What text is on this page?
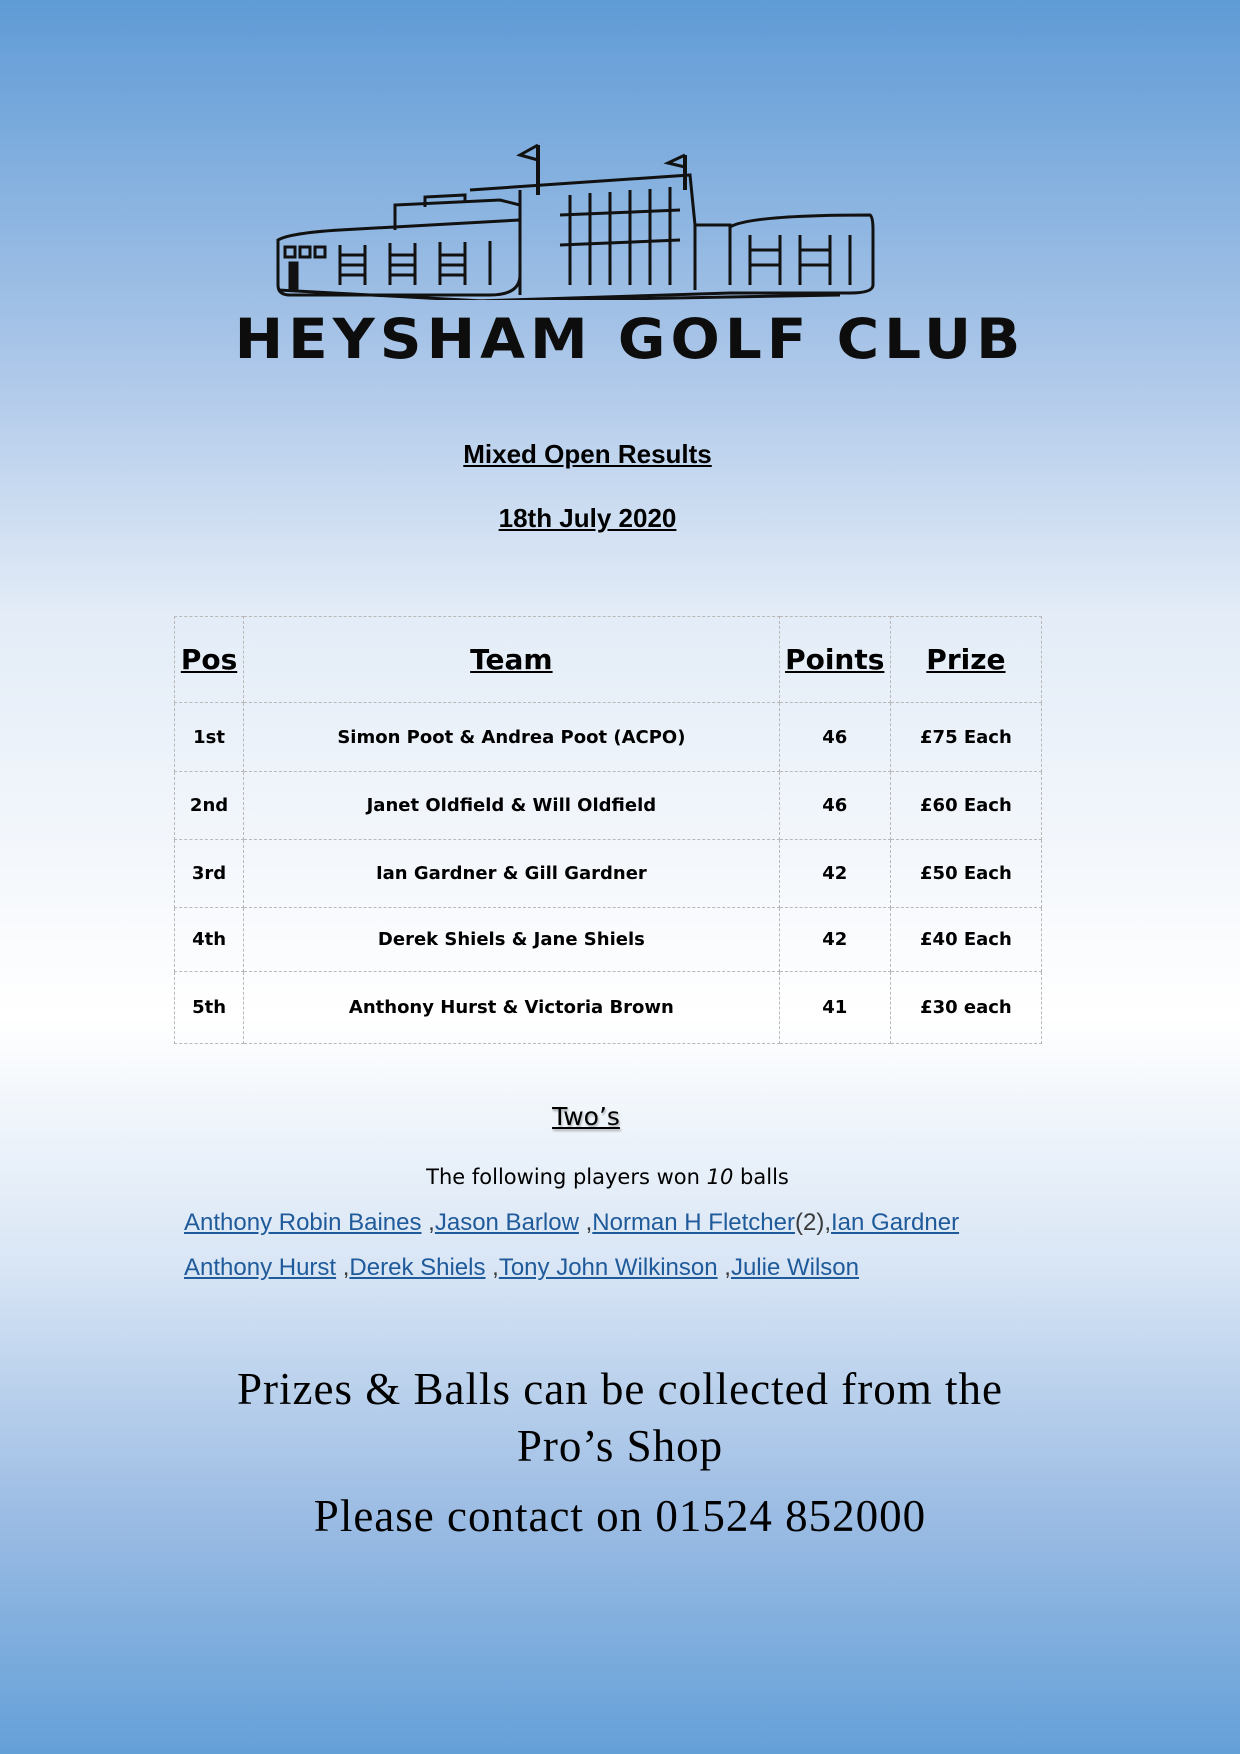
HEYSHAM GOLF CLUB
Mixed Open Results
18th July 2020
Pos	Team	Points	Prize
1st	Simon Poot & Andrea Poot (ACPO)	46	£75 Each
2nd	Janet Oldfield & Will Oldfield	46	£60 Each
3rd	Ian Gardner & Gill Gardner	42	£50 Each
4th	Derek Shiels & Jane Shiels	42	£40 Each
5th	Anthony Hurst & Victoria Brown	41	£30 each
Two’s
The following players won 10 balls
Anthony Robin Baines ,Jason Barlow ,Norman H Fletcher(2),Ian Gardner
Anthony Hurst ,Derek Shiels ,Tony John Wilkinson ,Julie Wilson
Prizes & Balls can be collected from the
Pro’s Shop
Please contact on 01524 852000
